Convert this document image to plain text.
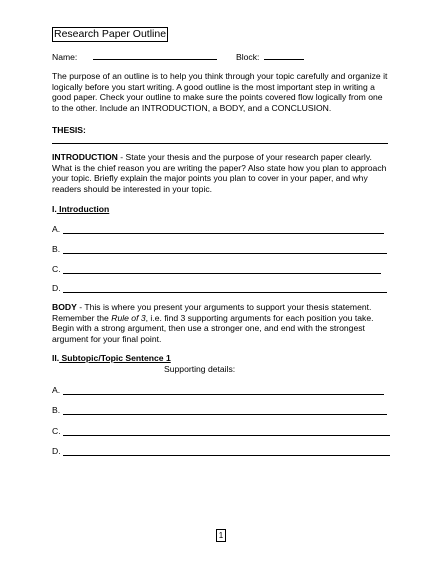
Research Paper Outline
Name:	Block:

The purpose of an outline is to help you think through your topic carefully and organize it logically before you start writing. A good outline is the most important step in writing a good paper. Check your outline to make sure the points covered flow logically from one to the other. Include an INTRODUCTION, a BODY, and a CONCLUSION.

THESIS:

INTRODUCTION - State your thesis and the purpose of your research paper clearly. What is the chief reason you are writing the paper? Also state how you plan to approach your topic. Briefly explain the major points you plan to cover in your paper, and why readers should be interested in your topic.

I. Introduction
A.
B.
C.
D.

BODY - This is where you present your arguments to support your thesis statement. Remember the Rule of 3, i.e. find 3 supporting arguments for each position you take. Begin with a strong argument, then use a stronger one, and end with the strongest argument for your final point.

II. Subtopic/Topic Sentence 1
Supporting details:
A.
B.
C.
D.
1
